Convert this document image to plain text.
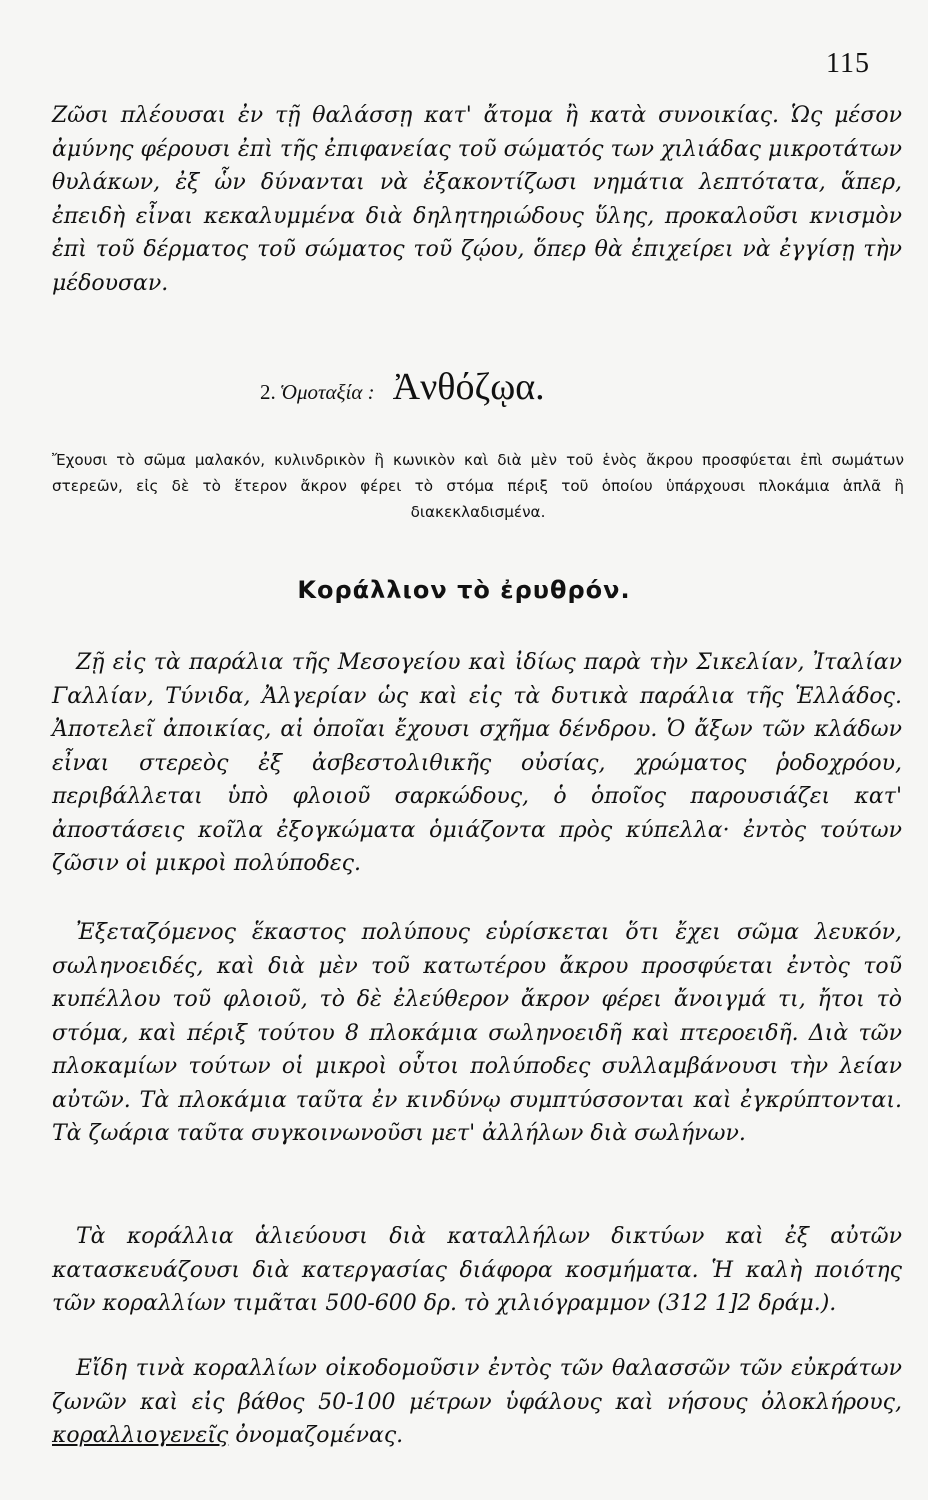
115

Ζῶσι πλέουσαι ἐν τῇ θαλάσσῃ κατ' ἄτομα ἢ κατὰ συνοικίας. Ὡς μέσον ἀμύνης φέρουσι ἐπὶ τῆς ἐπιφανείας τοῦ σώματός των χιλιάδας μικροτάτων θυλάκων, ἐξ ὧν δύνανται νὰ ἐξακοντίζωσι νημάτια λεπτότατα, ἅπερ, ἐπειδὴ εἶναι κεκαλυμμένα διὰ δηλητηριώδους ὕλης, προκαλοῦσι κνισμὸν ἐπὶ τοῦ δέρματος τοῦ σώματος τοῦ ζῴου, ὅπερ θὰ ἐπιχείρει νὰ ἐγγίσῃ τὴν μέδουσαν.

2. Ὁμοταξία : Ἀνθόζῳα.

Ἔχουσι τὸ σῶμα μαλακόν, κυλινδρικὸν ἢ κωνικὸν καὶ διὰ μὲν τοῦ ἑνὸς ἄκρου προσφύεται ἐπὶ σωμάτων στερεῶν, εἰς δὲ τὸ ἕτερον ἄκρον φέρει τὸ στόμα πέριξ τοῦ ὁποίου ὑπάρχουσι πλοκάμια ἁπλᾶ ἢ διακεκλαδισμένα.

Κοράλλιον τὸ ἐρυθρόν.

Ζῇ εἰς τὰ παράλια τῆς Μεσογείου καὶ ἰδίως παρὰ τὴν Σικελίαν, Ἰταλίαν Γαλλίαν, Τύνιδα, Ἀλγερίαν ὡς καὶ εἰς τὰ δυτικὰ παράλια τῆς Ἑλλάδος. Ἀποτελεῖ ἀποικίας, αἱ ὁποῖαι ἔχουσι σχῆμα δένδρου. Ὁ ἄξων τῶν κλάδων εἶναι στερεὸς ἐξ ἀσβεστολιθικῆς οὐσίας, χρώματος ῥοδοχρόου, περιβάλλεται ὑπὸ φλοιοῦ σαρκώδους, ὁ ὁποῖος παρουσιάζει κατ' ἀποστάσεις κοῖλα ἐξογκώματα ὁμιάζοντα πρὸς κύπελλα· ἐντὸς τούτων ζῶσιν οἱ μικροὶ πολύποδες.

Ἐξεταζόμενος ἕκαστος πολύπους εὑρίσκεται ὅτι ἔχει σῶμα λευκόν, σωληνοειδές, καὶ διὰ μὲν τοῦ κατωτέρου ἄκρου προσφύεται ἐντὸς τοῦ κυπέλλου τοῦ φλοιοῦ, τὸ δὲ ἐλεύθερον ἄκρον φέρει ἄνοιγμά τι, ἤτοι τὸ στόμα, καὶ πέριξ τούτου 8 πλοκάμια σωληνοειδῆ καὶ πτεροειδῆ. Διὰ τῶν πλοκαμίων τούτων οἱ μικροὶ οὗτοι πολύποδες συλλαμβάνουσι τὴν λείαν αὐτῶν. Τὰ πλοκάμια ταῦτα ἐν κινδύνῳ συμπτύσσονται καὶ ἐγκρύπτονται. Τὰ ζωάρια ταῦτα συγκοινωνοῦσι μετ' ἀλλήλων διὰ σωλήνων.

Τὰ κοράλλια ἁλιεύουσι διὰ καταλλήλων δικτύων καὶ ἐξ αὐτῶν κατασκευάζουσι διὰ κατεργασίας διάφορα κοσμήματα. Ἡ καλὴ ποιότης τῶν κοραλλίων τιμᾶται 500-600 δρ. τὸ χιλιόγραμμον (312 1]2 δράμ.).

Εἴδη τινὰ κοραλλίων οἰκοδομοῦσιν ἐντὸς τῶν θαλασσῶν τῶν εὐκράτων ζωνῶν καὶ εἰς βάθος 50-100 μέτρων ὑφάλους καὶ νήσους ὀλοκλήρους, κοραλλιογενεῖς ὀνομαζομένας.
